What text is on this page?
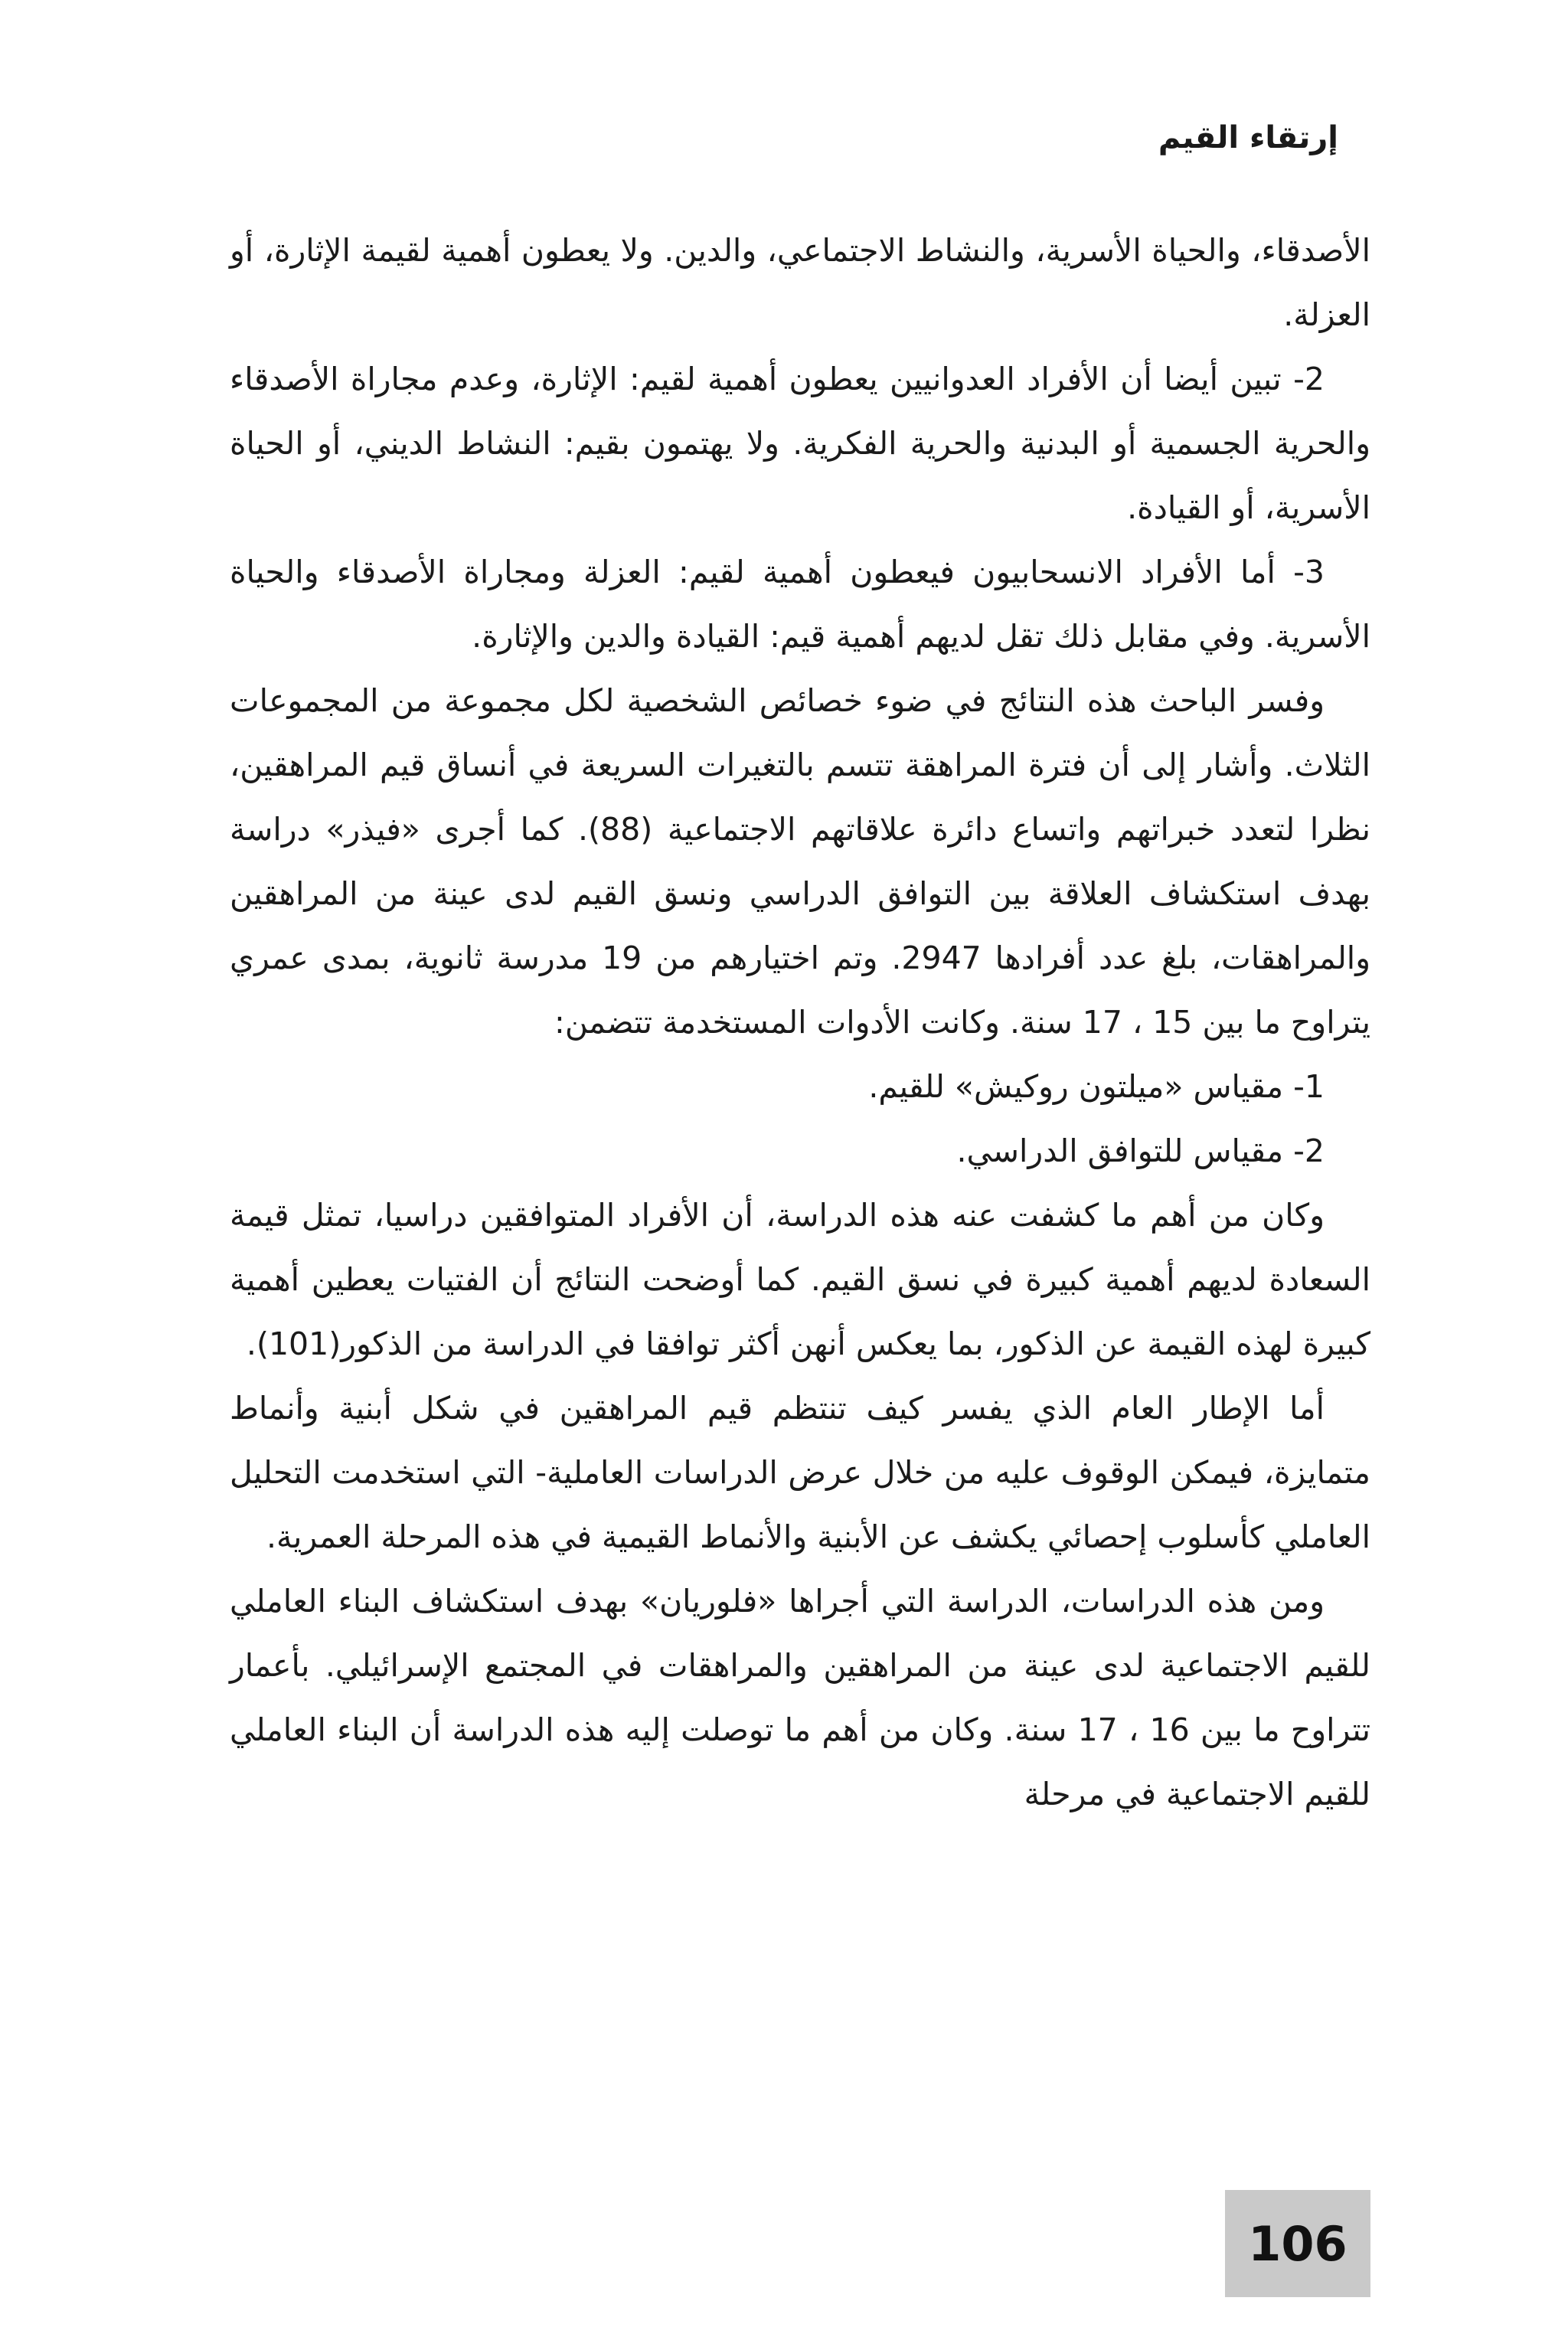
إرتقاء القيم

الأصدقاء، والحياة الأسرية، والنشاط الاجتماعي، والدين. ولا يعطون أهمية لقيمة الإثارة، أو العزلة.

2- تبين أيضا أن الأفراد العدوانيين يعطون أهمية لقيم: الإثارة، وعدم مجاراة الأصدقاء والحرية الجسمية أو البدنية والحرية الفكرية. ولا يهتمون بقيم: النشاط الديني، أو الحياة الأسرية، أو القيادة.

3- أما الأفراد الانسحابيون فيعطون أهمية لقيم: العزلة ومجاراة الأصدقاء والحياة الأسرية. وفي مقابل ذلك تقل لديهم أهمية قيم: القيادة والدين والإثارة.

وفسر الباحث هذه النتائج في ضوء خصائص الشخصية لكل مجموعة من المجموعات الثلاث. وأشار إلى أن فترة المراهقة تتسم بالتغيرات السريعة في أنساق قيم المراهقين، نظرا لتعدد خبراتهم واتساع دائرة علاقاتهم الاجتماعية (88). كما أجرى «فيذر» دراسة بهدف استكشاف العلاقة بين التوافق الدراسي ونسق القيم لدى عينة من المراهقين والمراهقات، بلغ عدد أفرادها 2947. وتم اختيارهم من 19 مدرسة ثانوية، بمدى عمري يتراوح ما بين 15 ، 17 سنة. وكانت الأدوات المستخدمة تتضمن:

1- مقياس «ميلتون روكيش» للقيم.

2- مقياس للتوافق الدراسي.

وكان من أهم ما كشفت عنه هذه الدراسة، أن الأفراد المتوافقين دراسيا، تمثل قيمة السعادة لديهم أهمية كبيرة في نسق القيم. كما أوضحت النتائج أن الفتيات يعطين أهمية كبيرة لهذه القيمة عن الذكور، بما يعكس أنهن أكثر توافقا في الدراسة من الذكور(101).

أما الإطار العام الذي يفسر كيف تنتظم قيم المراهقين في شكل أبنية وأنماط متمايزة، فيمكن الوقوف عليه من خلال عرض الدراسات العاملية- التي استخدمت التحليل العاملي كأسلوب إحصائي يكشف عن الأبنية والأنماط القيمية في هذه المرحلة العمرية.

ومن هذه الدراسات، الدراسة التي أجراها «فلوريان» بهدف استكشاف البناء العاملي للقيم الاجتماعية لدى عينة من المراهقين والمراهقات في المجتمع الإسرائيلي. بأعمار تتراوح ما بين 16 ، 17 سنة. وكان من أهم ما توصلت إليه هذه الدراسة أن البناء العاملي للقيم الاجتماعية في مرحلة

106
